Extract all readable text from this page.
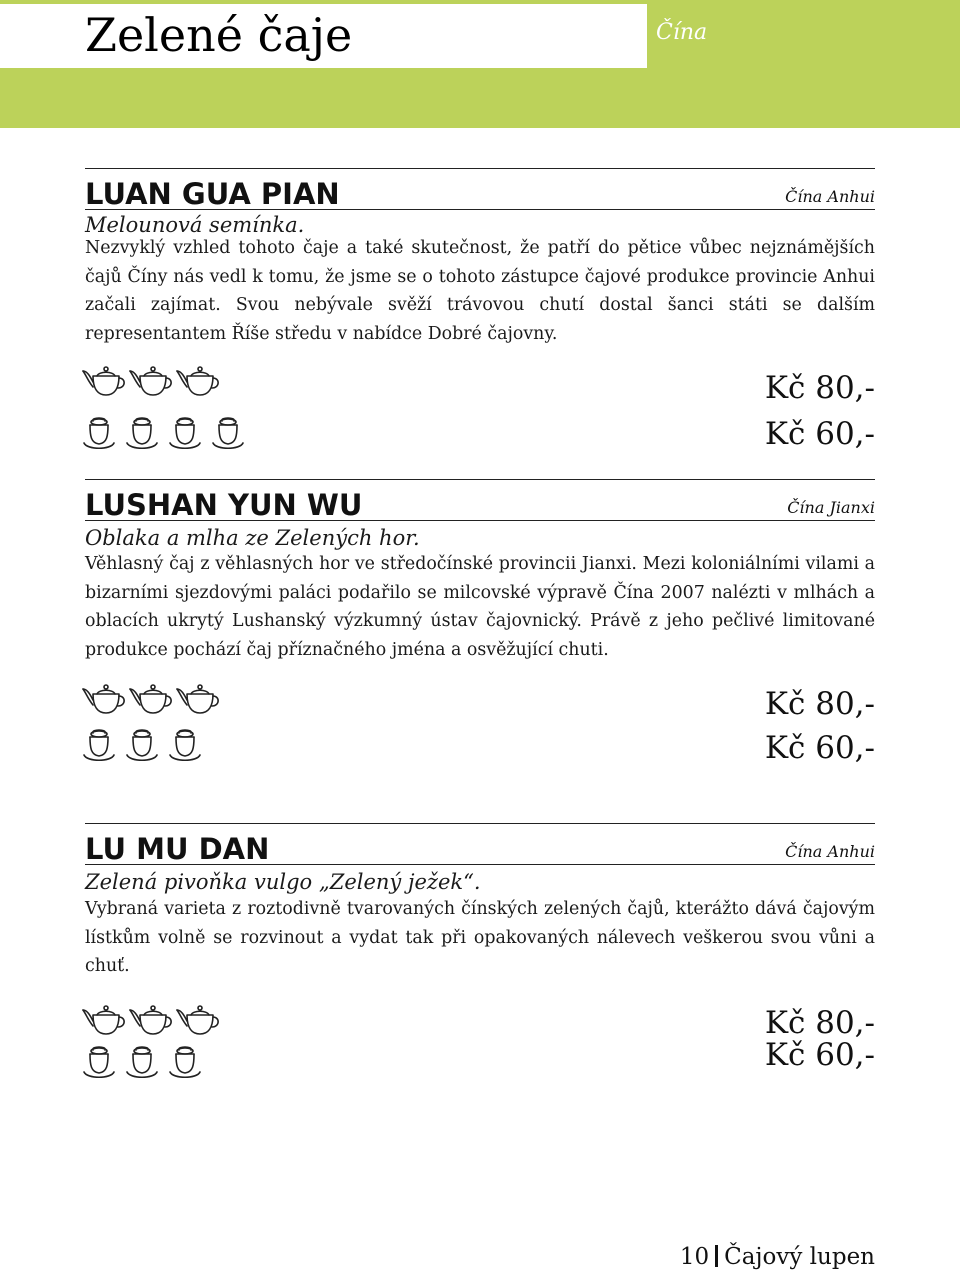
Zelené čaje	Čína
LUAN GUA PIAN	Čína Anhui
Melounová semínka.

Nezvyklý vzhled tohoto čaje a také skutečnost, že patří do pětice vůbec nejznámějších čajů Číny nás vedl k tomu, že jsme se o tohoto zástupce čajové produkce provincie Anhui začali zajímat. Svou nebývale svěží trávovou chutí dostal šanci státi se dalším representantem Říše středu v nabídce Dobré čajovny.

Kč 80,-
Kč 60,-
LUSHAN YUN WU	Čína Jianxi
Oblaka a mlha ze Zelených hor.

Věhlasný čaj z věhlasných hor ve středočínské provincii Jianxi. Mezi koloniálními vilami a bizarními sjezdovými paláci podařilo se milcovské výpravě Čína 2007 nalézti v mlhách a oblacích ukrytý Lushanský výzkumný ústav čajovnický. Právě z jeho pečlivé limitované produkce pochází čaj příznačného jména a osvěžující chuti.

Kč 80,-
Kč 60,-
LU MU DAN	Čína Anhui
Zelená pivoňka vulgo „Zelený ježek“.

Vybraná varieta z roztodivně tvarovaných čínských zelených čajů, kterážto dává čajovým lístkům volně se rozvinout a vydat tak při opakovaných nálevech veškerou svou vůni a chuť.

Kč 80,-
Kč 60,-
10 Čajový lupen
